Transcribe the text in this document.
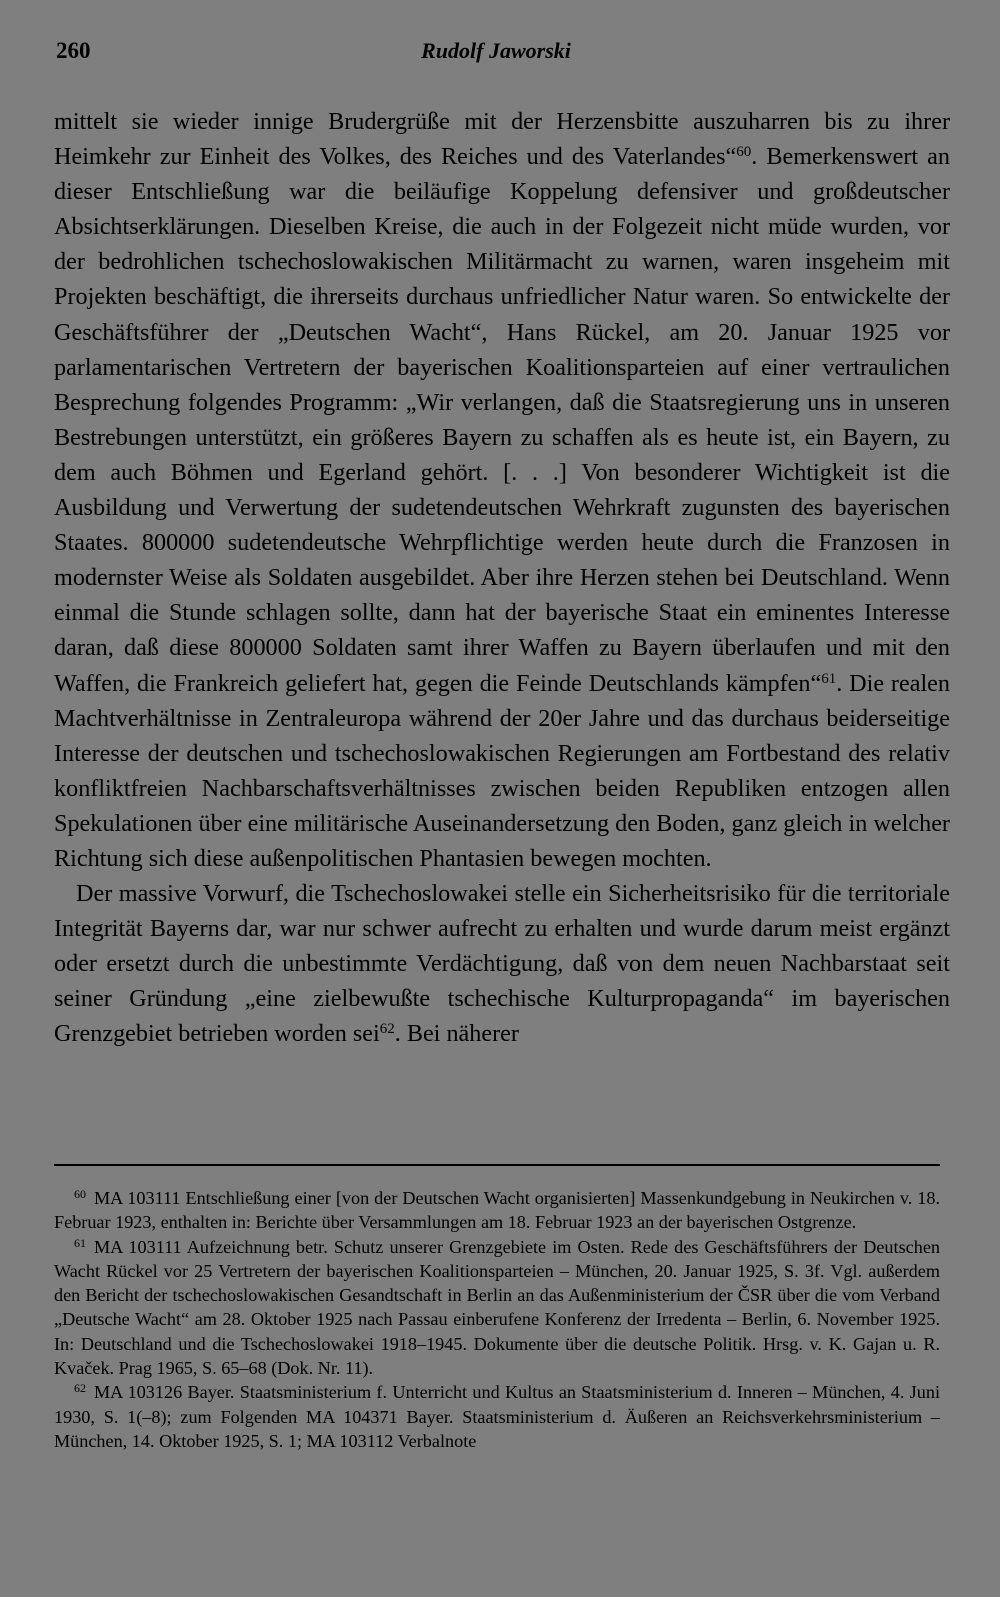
260	Rudolf Jaworski

mittelt sie wieder innige Brudergrüße mit der Herzensbitte auszuharren bis zu ihrer Heimkehr zur Einheit des Volkes, des Reiches und des Vaterlandes“$^{60}$. Bemerkenswert an dieser Entschließung war die beiläufige Koppelung defensiver und großdeutscher Absichtserklärungen. Dieselben Kreise, die auch in der Folgezeit nicht müde wurden, vor der bedrohlichen tschechoslowakischen Militärmacht zu warnen, waren insgeheim mit Projekten beschäftigt, die ihrerseits durchaus unfriedlicher Natur waren. So entwickelte der Geschäftsführer der „Deutschen Wacht“, Hans Rückel, am 20. Januar 1925 vor parlamentarischen Vertretern der bayerischen Koalitionsparteien auf einer vertraulichen Besprechung folgendes Programm: „Wir verlangen, daß die Staatsregierung uns in unseren Bestrebungen unterstützt, ein größeres Bayern zu schaffen als es heute ist, ein Bayern, zu dem auch Böhmen und Egerland gehört. [. . .] Von besonderer Wichtigkeit ist die Ausbildung und Verwertung der sudetendeutschen Wehrkraft zugunsten des bayerischen Staates. 800000 sudetendeutsche Wehrpflichtige werden heute durch die Franzosen in modernster Weise als Soldaten ausgebildet. Aber ihre Herzen stehen bei Deutschland. Wenn einmal die Stunde schlagen sollte, dann hat der bayerische Staat ein eminentes Interesse daran, daß diese 800000 Soldaten samt ihrer Waffen zu Bayern überlaufen und mit den Waffen, die Frankreich geliefert hat, gegen die Feinde Deutschlands kämpfen“$^{61}$. Die realen Machtverhältnisse in Zentraleuropa während der 20er Jahre und das durchaus beiderseitige Interesse der deutschen und tschechoslowakischen Regierungen am Fortbestand des relativ konfliktfreien Nachbarschaftsverhältnisses zwischen beiden Republiken entzogen allen Spekulationen über eine militärische Auseinandersetzung den Boden, ganz gleich in welcher Richtung sich diese außenpolitischen Phantasien bewegen mochten.

Der massive Vorwurf, die Tschechoslowakei stelle ein Sicherheitsrisiko für die territoriale Integrität Bayerns dar, war nur schwer aufrecht zu erhalten und wurde darum meist ergänzt oder ersetzt durch die unbestimmte Verdächtigung, daß von dem neuen Nachbarstaat seit seiner Gründung „eine zielbewußte tschechische Kulturpropaganda“ im bayerischen Grenzgebiet betrieben worden sei$^{62}$. Bei näherer

$^{60}$ MA 103111 Entschließung einer [von der Deutschen Wacht organisierten] Massenkundgebung in Neukirchen v. 18. Februar 1923, enthalten in: Berichte über Versammlungen am 18. Februar 1923 an der bayerischen Ostgrenze.

$^{61}$ MA 103111 Aufzeichnung betr. Schutz unserer Grenzgebiete im Osten. Rede des Geschäftsführers der Deutschen Wacht Rückel vor 25 Vertretern der bayerischen Koalitionsparteien – München, 20. Januar 1925, S. 3f. Vgl. außerdem den Bericht der tschechoslowakischen Gesandtschaft in Berlin an das Außenministerium der ČSR über die vom Verband „Deutsche Wacht“ am 28. Oktober 1925 nach Passau einberufene Konferenz der Irredenta – Berlin, 6. November 1925. In: Deutschland und die Tschechoslowakei 1918–1945. Dokumente über die deutsche Politik. Hrsg. v. K. Gajan u. R. Kvaček. Prag 1965, S. 65–68 (Dok. Nr. 11).

$^{62}$ MA 103126 Bayer. Staatsministerium f. Unterricht und Kultus an Staatsministerium d. Inneren – München, 4. Juni 1930, S. 1(–8); zum Folgenden MA 104371 Bayer. Staatsministerium d. Äußeren an Reichsverkehrsministerium – München, 14. Oktober 1925, S. 1; MA 103112 Verbalnote
